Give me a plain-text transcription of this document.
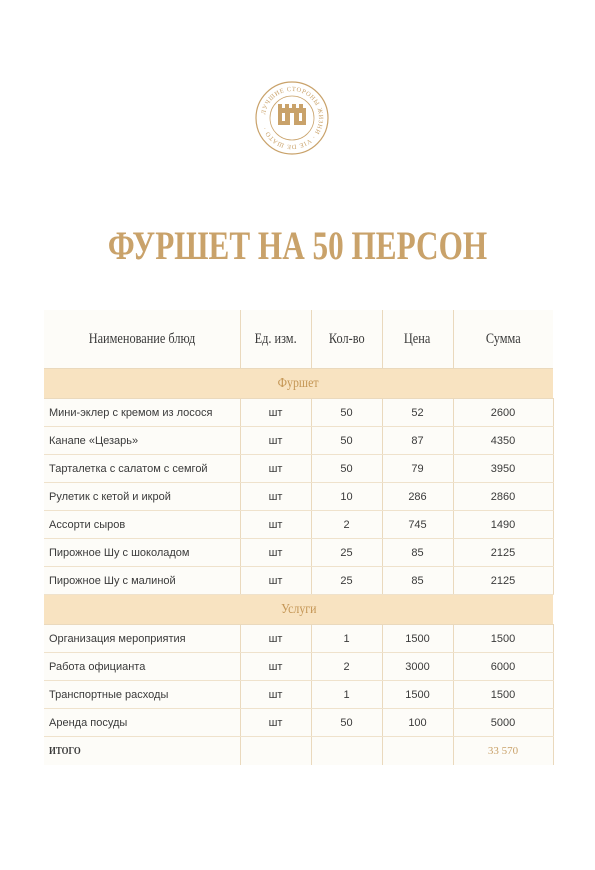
ЛУЧШИЕ СТОРОНЫ ЖИЗНИ · VIE DE ШАТО ·
ФУРШЕТ НА 50 ПЕРСОН
Наименование блюд	Ед. изм.	Кол-во	Цена	Сумма
Фуршет				
Мини-эклер с кремом из лосося	шт	50	52	2600
Канапе «Цезарь»	шт	50	87	4350
Тарталетка с салатом с семгой	шт	50	79	3950
Рулетик с кетой и икрой	шт	10	286	2860
Ассорти сыров	шт	2	745	1490
Пирожное Шу с шоколадом	шт	25	85	2125
Пирожное Шу с малиной	шт	25	85	2125
Услуги				
Организация мероприятия	шт	1	1500	1500
Работа официанта	шт	2	3000	6000
Транспортные расходы	шт	1	1500	1500
Аренда посуды	шт	50	100	5000
ИТОГО				33 570
